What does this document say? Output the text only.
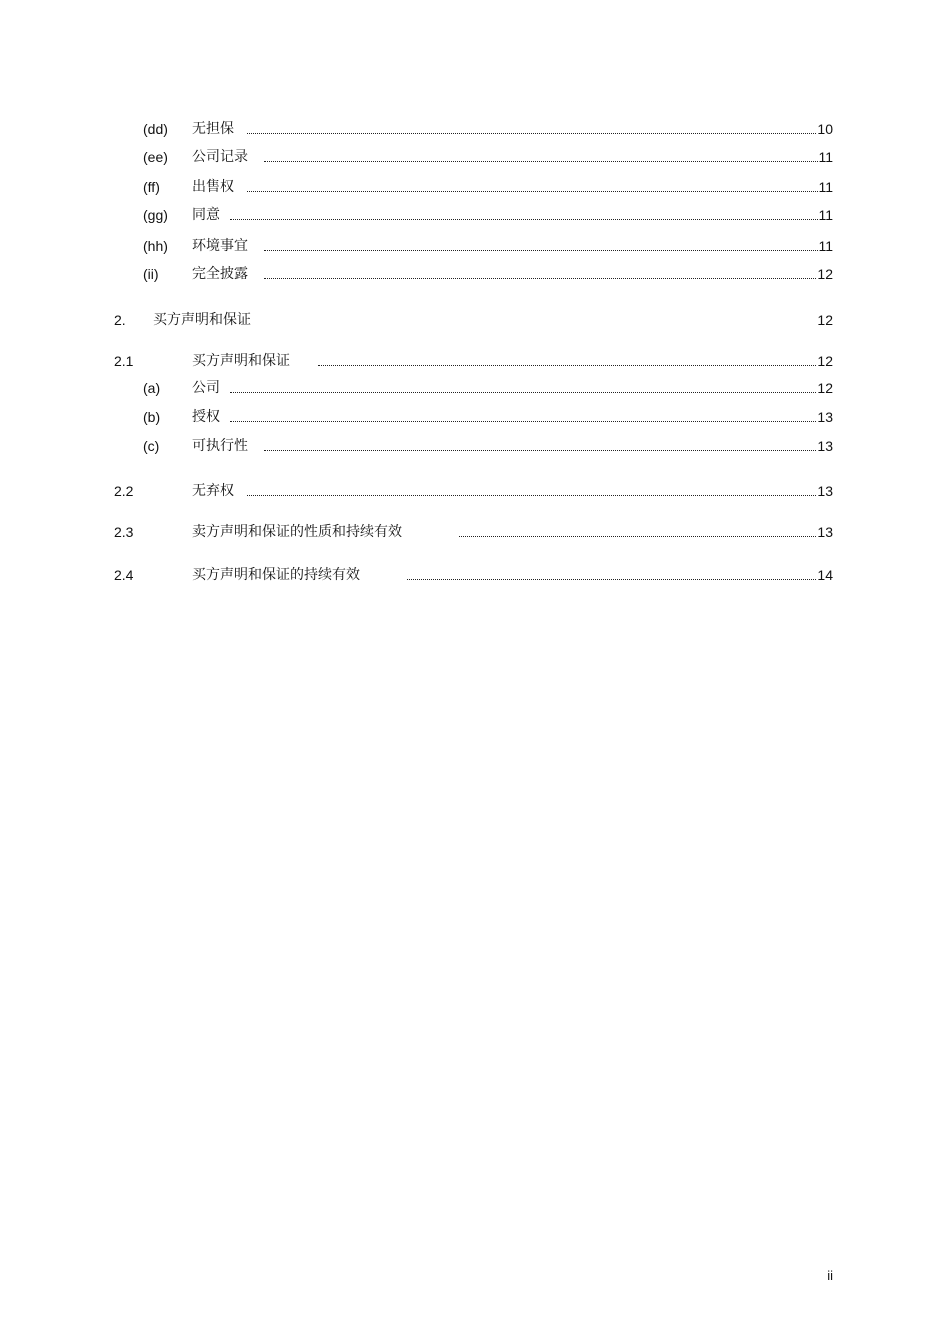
(dd) 无担保	10
(ee) 公司记录	11
(ff) 出售权	11
(gg) 同意	11
(hh) 环境事宜	11
(ii) 完全披露	12
2. 买方声明和保证	12
2.1	买方声明和保证	12
(a) 公司	12
(b) 授权	13
(c) 可执行性	13
2.2	无弃权	13
2.3	卖方声明和保证的性质和持续有效	13
2.4	买方声明和保证的持续有效	14
ii
